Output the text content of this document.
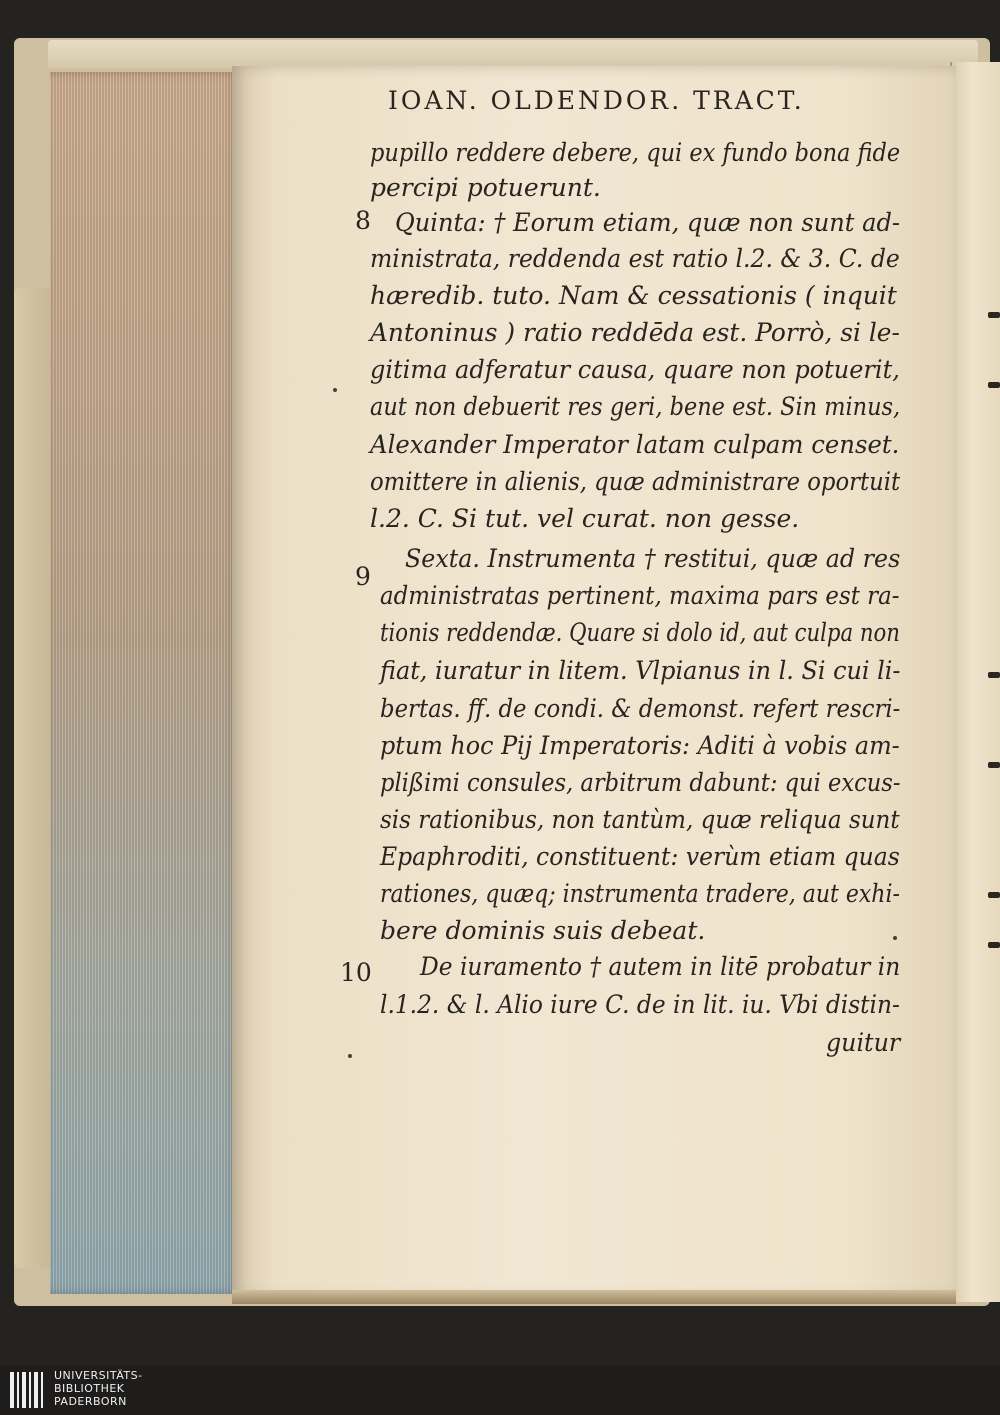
IOAN. OLDENDOR. TRACT.
pupillo reddere debere, qui ex fundo bona fide
percipi potuerunt.
Quinta: † Eorum etiam, quæ non sunt ad-
ministrata, reddenda est ratio l.2. & 3. C. de
hæredib. tuto. Nam & cessationis ( inquit
Antoninus ) ratio reddēda est. Porrò, si le-
gitima adferatur causa, quare non potuerit,
aut non debuerit res geri, bene est. Sin minus,
Alexander Imperator latam culpam censet.
omittere in alienis, quæ administrare oportuit
l.2. C. Si tut. vel curat. non gesse.
Sexta. Instrumenta † restitui, quæ ad res
administratas pertinent, maxima pars est ra-
tionis reddendæ. Quare si dolo id, aut culpa non
fiat, iuratur in litem. Vlpianus in l. Si cui li-
bertas. ff. de condi. & demonst. refert rescri-
ptum hoc Pij Imperatoris: Aditi à vobis am-
plißimi consules, arbitrum dabunt: qui excus-
sis rationibus, non tantùm, quæ reliqua sunt
Epaphroditi, constituent: verùm etiam quas
rationes, quæq; instrumenta tradere, aut exhi-
bere dominis suis debeat.
De iuramento † autem in litē probatur in
l.1.2. & l. Alio iure C. de in lit. iu. Vbi distin-
guitur
8
9
10
UNIVERSITÄTS-
BIBLIOTHEK
PADERBORN
